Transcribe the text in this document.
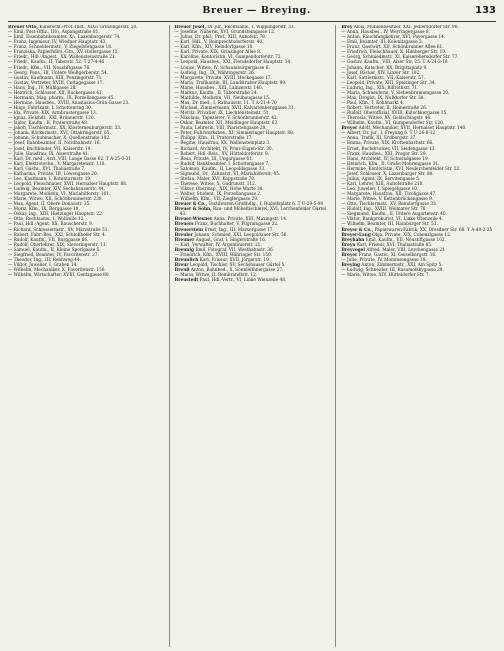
Breuer — Breying.	133

Breuer Otto, Kunstschl.-Prof.-Inst., XIX/₂ Grinzingerstr. 50.

— Emil, Post-Offiz., III/₁, Aspangstraße 81.

— Emil, Eisenbahnbeamter, X/₁, Laxenburgerstr. 74.

— Franz, Ingenieur, IV, Wiedner Hauptstr. 43.

— Franz, Schneidermstr., V, Ziegelofengasse 18.

— Franziska, Papierhdlrs.-Gtn., XV, Hollergasse 13.

— Friedr., Hdl.-Angest., XX, Wallensteinstraße 21.

— Friedr., Kaufm., II, Taborstr. 52. T 27-4-46

— Friedr., Kfm., VII, Neustiftgasse 76.

— Georg, Pens., III, Untere Weißgerberstr. 54.

— Gustav, Kaufmann, XIII, Penzingerstr. 71.

— Gustav, Vertreter, XVIII, Cottagegasse 17.

— Hans, Ing., IV, Mühlgasse 28.

— Heinrich, Schlosser, XII, Ruckergasse 41.

— Hermann, Mag. pharm., IX, Porzellangasse 45.

— Hermine, Hausbes., XVIII, Anastasius-Grün-Gasse 23.

— Hugo, Fabrikant, I, Schottenring 30.

— Ida, Private, XIX, Armbrustergasse 13.

— Ignaz, Holzhdl., XXI, Brünnerstr. 120.

— Isidor, Kaufm., II, Praterstraße 48.

— Jakob, Tischlermstr., XX, Klosterneuburgerstr. 33.

— Johann, Bäckermstr., XVI, Ottakringerstr. 65.

— Johann, Schuhmacher, X, Quellenstraße 102.

— Josef, Bahnbeamter, II, Nordbahnstr. 16.

— Josef, Buchbinder, VII, Kaiserstr. 19.

— Julie, Hausfrau, IX, Alserstraße 41.

— Karl, Dr. med., Arzt, VIII, Lange Gasse 62. T A-25-0-31

— Karl, Elektrotechn., V, Margaretenstr. 110.

— Karl, Gastw., XVI, Thaliastraße 7.

— Katharina, Private, III, Löwengasse 20.

— Leo, Kaufmann, I, Rotenturmstr. 19.

— Leopold, Fleischhauer, XVII, Hernalser Hauptstr. 88.

— Ludwig, Beamter, XIV, Sechshauserstr. 44.

— Margarete, Modistin, VI, Mariahilferstr. 101.

— Marie, Witwe, XII, Schönbrunnerstr. 230.

— Max, Agent, II, Obere Donaustr. 35.

— Moriz, Kfm., IX, Berggasse 18.

— Oskar, Ing., XIII, Hietzinger Hauptstr. 22.

— Otto, Rechtsanw., I, Wollzeile 12.

— Paul, Hdl.-Agent, XX, Rauscherstr. 9.

— Richard, Schlossermstr., XV, Märzstraße 51.

— Robert, Fabr.-Bes., XXI, Schloßhofer Str. 4.

— Rudolf, Kaufm., VII, Burggasse 66.

— Rudolf, Oberlehrer, XIX, Sieveringerstr. 11.

— Samuel, Kaufm., II, Kleine Sperlgasse 5.

— Siegfried, Beamter, IV, Favoritenstr. 27.

— Theodor, Ing., III, Rennweg 44.

— Viktor, Juwelier, I, Graben 14.

— Wilhelm, Mechaniker, X, Favoritenstr. 150.

— Wilhelm, Wirtschafter, XVIII, Gentzgasse 80.

Breuer Josef, Dr. jur., Rechtsanw., I, Wipplingerstr. 33.

— Josefine, Näherin, XVI, Grundsteingasse 12.

— Julius, Dr. phil., Prof., XIII, Auhofstr. 78.

— Karl, Hdl., V, Reinprechtsdorferstr. 40.

— Karl, Kfm., XIV, Reindorfgasse 18.

— Karl, Private, XIX, Grinzinger Allee 9.

— Karoline, Kontoristin, VI, Gumpendorferstr. 72.

— Leopold, Hausbes., XXI, Floridsdorfer Hauptstr. 14.

— Louise, Witwe, IV, Schaumburgergasse 6.

— Ludwig, Ing., IX, Währingerstr. 26.

— Margarete, Private, XVIII, Hockegasse 17.

— Maria, Trafikantin, III, Landstraßer Hauptstr. 99.

— Marie, Hausbes., XIII, Lainzerstr. 140.

— Markus, Kaufm., II, Taborstraße 24.

— Mathilde, Modistin, VII, Neubaugasse 15.

— Max, Dr. med., I, Rathausstr. 11. T A-21-4-70

— Michael, Zimmermann, XVII, Kalvarienberggasse 31.

— Moritz, Privatier, IX, Liechtensteinstr. 51.

— Nikolaus, Tapezierer, V, Schönbrunnerstr. 42.

— Oskar, Beamter, XII, Meidlinger Hauptstr. 63.

— Paula, Lehrerin, VIII, Piaristengasse 28.

— Peter, Fuhrwerksbes., XI, Simmeringer Hauptstr. 88.

— Philipp, Kfm., II, Praterstraße 17.

— Regine, Hausfrau, XX, Wallensteinplatz 3.

— Richard, Architekt, IV, Prinz-Eugen-Str. 30.

— Robert, Hdl.-Reis., XV, Hütteldorferstr. 9.

— Rosa, Private, III, Ungargasse 61.

— Rudolf, Bankbeamter, I, Schottengasse 7.

— Salomon, Kaufm., II, Leopoldsgasse 33.

— Sigmund, Dr., Zahnarzt, VI, Mariahilferstr. 45.

— Stefan, Maler, XVI, Koppstraße 70.

— Therese, Witwe, X, Gudrunstr. 112.

— Viktor, Oberinsp., XIX, Hohe Warte 36.

— Walter, Student, IX, Porzellangasse 2.

— Wilhelm, Kfm., VII, Zieglergasse 29.

Breuer & Co., Textilwaren-Großhdlg., I, Rudolfsplatz 6. T U-29-5-90

Breuer & Sohn, Bau- und Möbeltischlerei, XVI, Lerchenfelder Gürtel 43.

Breuer-Wiesner Anna, Private, XIII, Maxingstr. 14.

Breuers Franz, Buchhalter, V, Pilgramgasse 22.

Breuerstein Ernst, Ing., III, Marxergasse 17.

Breuler Johann, Schmied, XXI, Leopoldauer Str. 56.

Breuner August, Graf, I, Singerstraße 16.

— Karl, Verwalter, IV, Argentinierstr. 21.

Breunig Emil, Fotograf, VII, Westbahnstr. 36.

— Friedrich, Kfm., XVIII, Währinger Str. 150.

Breunlich Karl, Friseur, XVII, Jörgerstr. 19.

Breur Leopold, Tischler, XV, Sechshauser Gürtel 5.

Breuß Anton, Bahnbed., X, Sonnleithnergasse 27.

— Maria, Witwe, II, Rembrandtstr. 12.

Breustedt Paul, Hdl.-Vertr., VI, Linke Wienzeile 48.

Brey Alois, Mühlenbesitzer, XXI, Jedlersdorfer Str. 90.

— Anna, Hausbes., IV, Weyringergasse 8.

— Anton, Rauchfangkehrer, XVI, Payergasse 14.

— Emil, Beamter, III, Kolonitzgasse 3.

— Franz, Gastwirt, XII, Schönbrunner Allee 61.

— Friedrich, Fleischhauer, X, Himberger Str. 19.

— Georg, Schmiedmstr., XI, Kaiserebersdorfer Str. 77.

— Gustav, Kaufm., VIII, Alser Str. 25. T A-24-3-18

— Johann, Kutscher, XX, Brigittaplatz 9.

— Josef, Bäcker, XIV, Linzer Str. 102.

— Karl, Sattlermstr., VII, Kaiserstr. 57.

— Leopold, Private, XIII, Speisinger Str. 34.

— Ludwig, Ing., XIX, Billrothstr. 71.

— Maria, Schneiderin, V, Siebenbrunnengasse 20.

— Max, Drogist, IX, Nußdorfer Str. 38.

— Paul, Kfm., I, Kohlmarkt 4.

— Robert, Vertreter, II, Heinestraße 26.

— Rudolf, Oberoffizial, XVIII, Kutschkergasse 15.

— Theresia, Witwe, XV, Goldschlagstr. 44.

— Wilhelm, Kaufm., VI, Gumpendorfer Str. 120.

Breyer Adolf, Mechaniker, XVII, Hernalser Hauptstr. 140.

— Albert, Dr. jur., I, Freyung 6. T U-26-8-12

— Anna, Trafik, III, Erdbergstr. 37.

— Emma, Private, XIX, Krottenbachstr. 66.

— Ernst, Buchdrucker, VII, Seidengasse 13.

— Franz, Hausbes., XXI, Prager Str. 29.

— Hans, Architekt, IV, Schwindgasse 19.

— Heinrich, Kfm., II, Große Mohrengasse 31.

— Hermine, Kontoristin, XVI, Neulerchenfelder Str. 52.

— Josef, Schlosser, X, Laxenburger Str. 88.

— Julius, Agent, IX, Servitengasse 5.

— Karl, Lehrer, XIII, Auhofstraße 210.

— Leo, Juwelier, I, Spiegelgasse 10.

— Margarete, Hausfrau, XII, Tivoligasse 47.

— Marie, Witwe, V, Kettenbrückengasse 9.

— Otto, Tischlermstr., XV, Reindorfgasse 33.

— Rudolf, Ing., XVIII, Weimarer Str. 76.

— Siegmund, Kaufm., II, Untere Augartenstr. 40.

— Viktor, Bankprokurist, VI, Linke Wienzeile 4.

— Wilhelm, Beamter, III, Hainburger Str. 53.

Breyer & Co., Papierwaren-Fabrik, XX, Dresdner Str. 68. T A-40-2-25

Breyer-Lang Olga, Private, XIX, Cobenzlgasse 12.

Breyhahn Emil, Kaufm., VII, Neustiftgasse 102.

Breyn Karl, Friseur, XVI, Thaliastraße 85.

Breyvogel Alfred, Maler, VIII, Lerchengasse 21.

Breyer Franz, Gastw., XI, Geiselbergstr. 16.

— Julie, Private, IV, Mommsengasse 18.

Breying Anton, Zimmermstr., XXI, Am Spitz 5.

— Ludwig, Schneider, III, Rasumofskygasse 29.

— Marie, Witwe, XIV, Hütteldorfer Str. 7.
